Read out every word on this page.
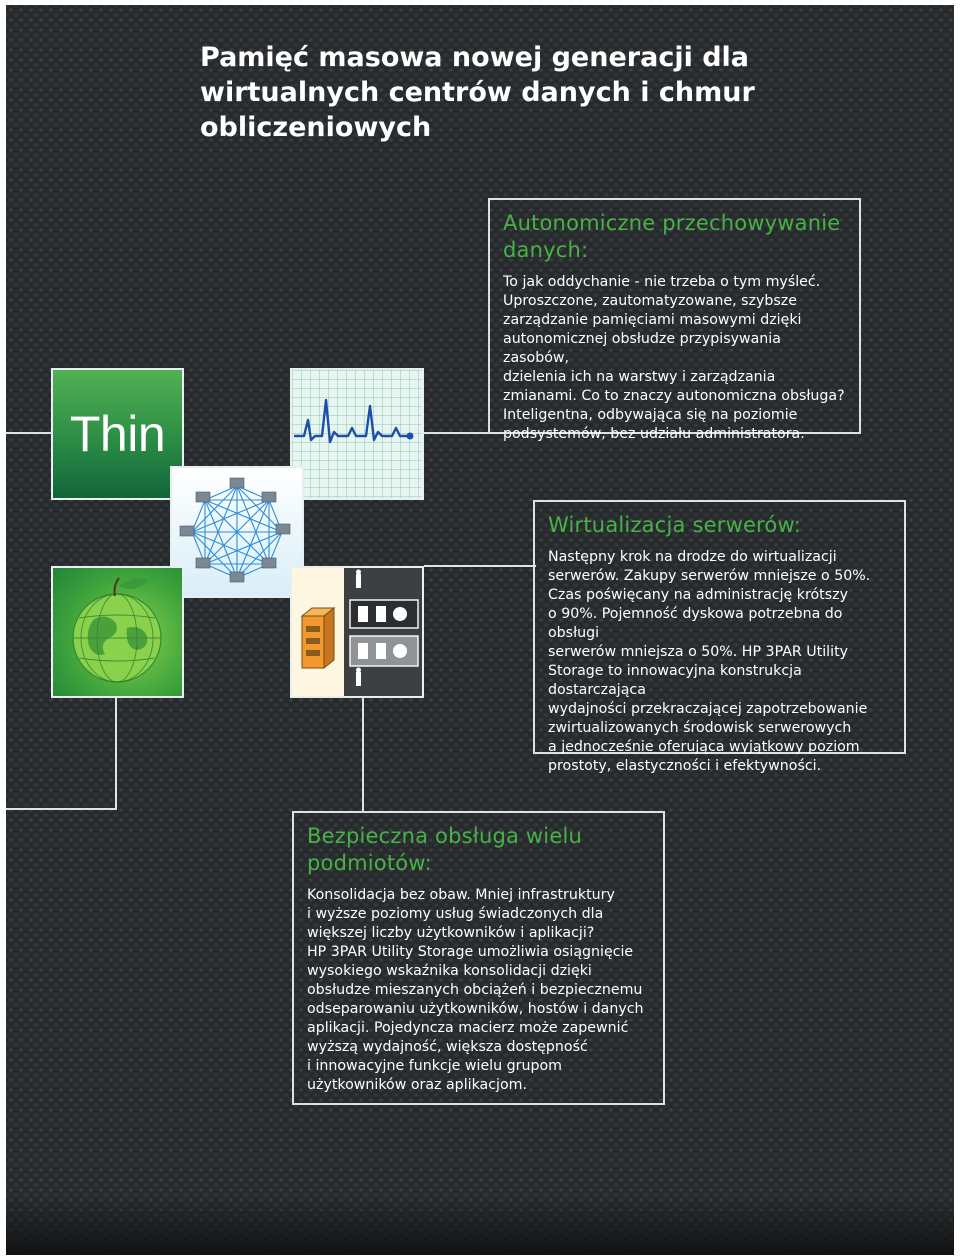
Pamięć masowa nowej generacji dla wirtualnych centrów danych i chmur obliczeniowych
Thin
Autonomiczne przechowywanie danych:

To jak oddychanie - nie trzeba o tym myśleć.
Uproszczone, zautomatyzowane, szybsze
zarządzanie pamięciami masowymi dzięki
autonomicznej obsłudze przypisywania zasobów,
dzielenia ich na warstwy i zarządzania
zmianami. Co to znaczy autonomiczna obsługa?
Inteligentna, odbywająca się na poziomie
podsystemów, bez udziału administratora.

Wirtualizacja serwerów:

Następny krok na drodze do wirtualizacji
serwerów. Zakupy serwerów mniejsze o 50%.
Czas poświęcany na administrację krótszy
o 90%. Pojemność dyskowa potrzebna do obsługi
serwerów mniejsza o 50%. HP 3PAR Utility
Storage to innowacyjna konstrukcja dostarczająca
wydajności przekraczającej zapotrzebowanie
zwirtualizowanych środowisk serwerowych
a jednocześnie oferująca wyjątkowy poziom
prostoty, elastyczności i efektywności.

Bezpieczna obsługa wielu podmiotów:

Konsolidacja bez obaw. Mniej infrastruktury
i wyższe poziomy usług świadczonych dla
większej liczby użytkowników i aplikacji?
HP 3PAR Utility Storage umożliwia osiągnięcie
wysokiego wskaźnika konsolidacji dzięki
obsłudze mieszanych obciążeń i bezpiecznemu
odseparowaniu użytkowników, hostów i danych
aplikacji. Pojedyncza macierz może zapewnić
wyższą wydajność, większa dostępność
i innowacyjne funkcje wielu grupom
użytkowników oraz aplikacjom.
